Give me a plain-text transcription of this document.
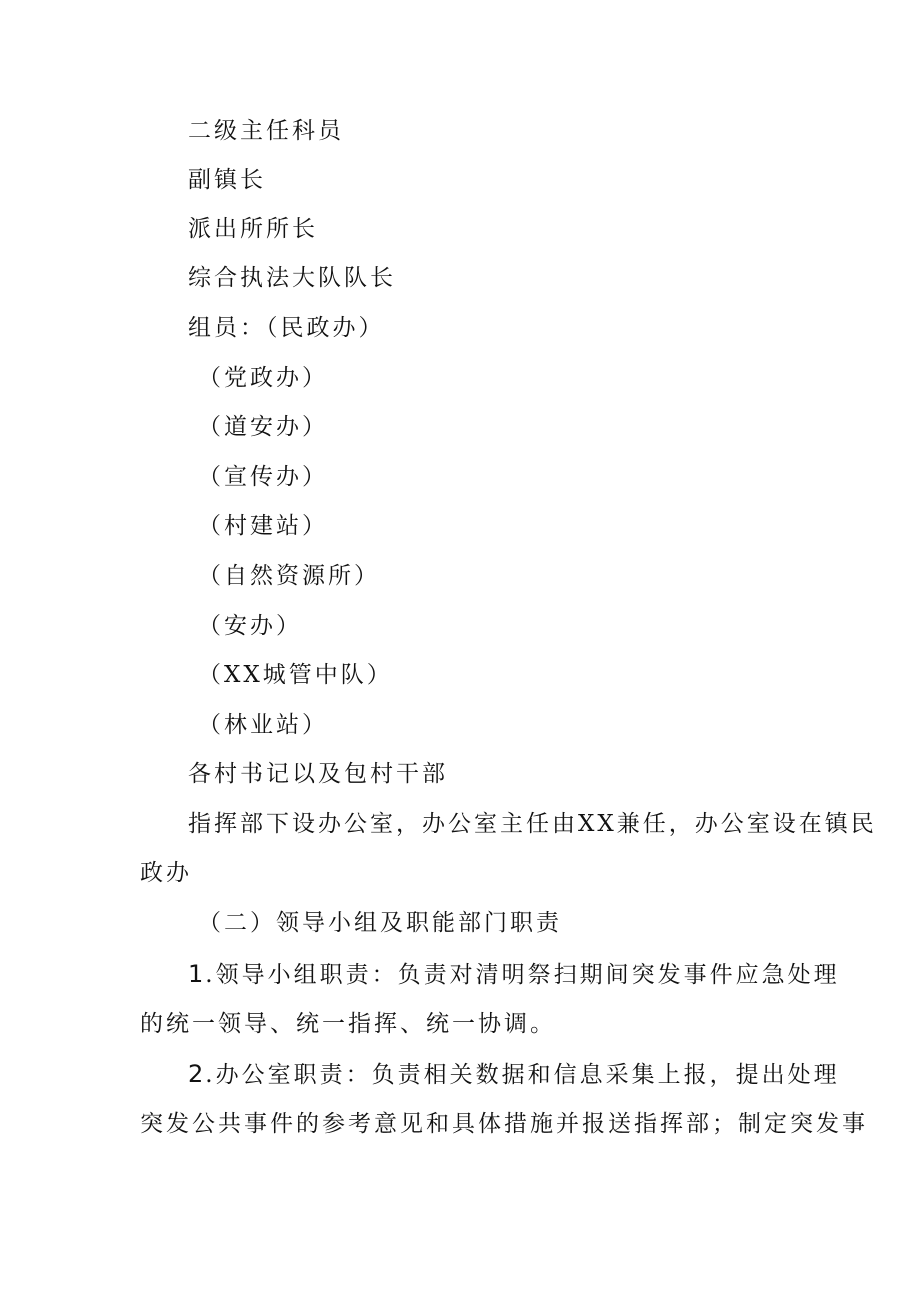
二级主任科员
副镇长
派出所所长
综合执法大队队长
组员：（民政办）
（党政办）
（道安办）
（宣传办）
（村建站）
（自然资源所）
（安办）
（XX城管中队）
（林业站）
各村书记以及包村干部
指挥部下设办公室，办公室主任由XX兼任，办公室设在镇民
政办
（二）领导小组及职能部门职责
1.领导小组职责：负责对清明祭扫期间突发事件应急处理
的统一领导、统一指挥、统一协调。
2.办公室职责：负责相关数据和信息采集上报，提出处理
突发公共事件的参考意见和具体措施并报送指挥部；制定突发事
